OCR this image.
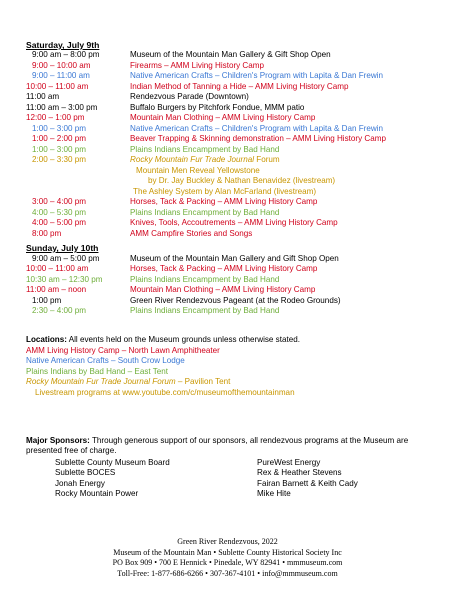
Saturday, July 9th
9:00 am – 8:00 pm	Museum of the Mountain Man Gallery & Gift Shop Open
9:00 – 10:00 am	Firearms – AMM Living History Camp
9:00 – 11:00 am	Native American Crafts – Children's Program with Lapita & Dan Frewin
10:00 – 11:00 am	Indian Method of Tanning a Hide – AMM Living History Camp
11:00 am	Rendezvous Parade (Downtown)
11:00 am – 3:00 pm	Buffalo Burgers by Pitchfork Fondue, MMM patio
12:00 – 1:00 pm	Mountain Man Clothing – AMM Living History Camp
1:00 – 3:00 pm	Native American Crafts – Children's Program with Lapita & Dan Frewin
1:00 – 2:00 pm	Beaver Trapping & Skinning demonstration – AMM Living History Camp
1:00 – 3:00 pm	Plains Indians Encampment by Bad Hand
2:00 – 3:30 pm	Rocky Mountain Fur Trade Journal Forum
Mountain Men Reveal Yellowstone
by Dr. Jay Buckley & Nathan Benavidez (livestream)
The Ashley System by Alan McFarland (livestream)
3:00 – 4:00 pm	Horses, Tack & Packing – AMM Living History Camp
4:00 – 5:30 pm	Plains Indians Encampment by Bad Hand
4:00 – 5:00 pm	Knives, Tools, Accoutrements – AMM Living History Camp
8:00 pm	AMM Campfire Stories and Songs
Sunday, July 10th
9:00 am – 5:00 pm	Museum of the Mountain Man Gallery and Gift Shop Open
10:00 – 11:00 am	Horses, Tack & Packing – AMM Living History Camp
10:30 am – 12:30 pm	Plains Indians Encampment by Bad Hand
11:00 am – noon	Mountain Man Clothing – AMM Living History Camp
1:00 pm	Green River Rendezvous Pageant (at the Rodeo Grounds)
2:30 – 4:00 pm	Plains Indians Encampment by Bad Hand
Locations: All events held on the Museum grounds unless otherwise stated.
AMM Living History Camp – North Lawn Amphitheater
Native American Crafts – South Crow Lodge
Plains Indians by Bad Hand – East Tent
Rocky Mountain Fur Trade Journal Forum – Pavilion Tent
Livestream programs at www.youtube.com/c/museumofthemountainman
Major Sponsors: Through generous support of our sponsors, all rendezvous programs at the Museum are presented free of charge.
Sublette County Museum Board
Sublette BOCES
Jonah Energy
Rocky Mountain Power
PureWest Energy
Rex & Heather Stevens
Fairan Barnett & Keith Cady
Mike Hite
Green River Rendezvous, 2022
Museum of the Mountain Man • Sublette County Historical Society Inc
PO Box 909 • 700 E Hennick • Pinedale, WY 82941 • mmmuseum.com
Toll-Free: 1-877-686-6266 • 307-367-4101 • info@mmmuseum.com
